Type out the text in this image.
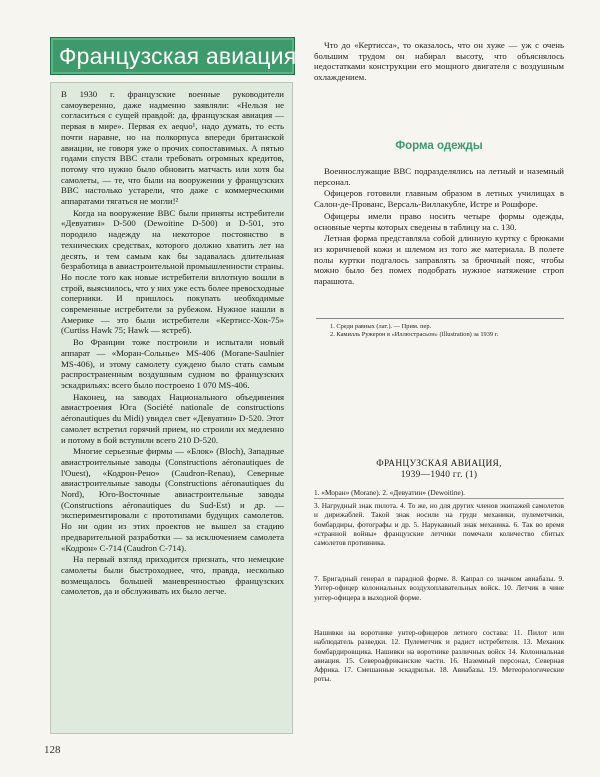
Французская авиация

В 1930 г. французские военные руководители самоуверенно, даже надменно заявляли: «Нельзя не согласиться с сущей правдой: да, французская авиация — первая в мире». Первая ex aequo¹, надо думать, то есть почти наравне, но на полкорпуса впереди британской авиации, не говоря уже о прочих сопоставимых. А пятью годами спустя ВВС стали требовать огромных кредитов, потому что нужно было обновить матчасть или хотя бы самолеты, — те, что были на вооружении у французских ВВС настолько устарели, что даже с коммерческими аппаратами тягаться не могли!²

Когда на вооружение ВВС были приняты истребители «Девуатин» D-500 (Dewoitine D-500) и D-501, это породило надежду на некоторое постоянство в технических средствах, которого должно хватить лет на десять, и тем самым как бы задавалась длительная безработица в авиастроительной промышленности страны. Но после того как новые истребители вплотную вошли в строй, выяснилось, что у них уже есть более превосходные соперники. И пришлось покупать необходимые современные истребители за рубежом. Нужное нашли в Америке — это были истребители «Кертисс-Хок-75» (Curtiss Hawk 75; Hawk — ястреб).

Во Франции тоже построили и испытали новый аппарат — «Моран-Сольнье» MS-406 (Morane-Saulnier MS-406), и этому самолету суждено было стать самым распространенным воздушным судном во французских эскадрильях: всего было построено 1 070 MS-406.

Наконец, на заводах Национального объединения авиастроения Юга (Société nationale de constructions aéronautiques du Midi) увидел свет «Девуатин» D-520. Этот самолет встретил горячий прием, но строили их медленно и потому в бой вступили всего 210 D-520.

Многие серьезные фирмы — «Блок» (Bloch), Западные авиастроительные заводы (Constructions aéronautiques de l'Ouest), «Кодрон-Рено» (Caudron-Renau), Северные авиастроительные заводы (Constructions aéronautiques du Nord), Юго-Восточные авиастроительные заводы (Constructions aéronautiques du Sud-Est) и др. — экспериментировали с прототипами будущих самолетов. Но ни один из этих проектов не вышел за стадию предварительной разработки — за исключением самолета «Кодрон» С-714 (Caudron C-714).

На первый взгляд приходится признать, что немецкие самолеты были быстроходнее, что, правда, несколько возмещалось большей маневренностью французских самолетов, да и обслуживать их было легче.

128

Что до «Кертисса», то оказалось, что он хуже — уж с очень большим трудом он набирал высоту, что объяснялось недостатками конструкции его мощного двигателя с воздушным охлаждением.

Форма одежды

Военнослужащие ВВС подразделялись на летный и наземный персонал.

Офицеров готовили главным образом в летных училищах в Салон-де-Прованс, Версаль-Виллакубле, Истре и Рошфоре.

Офицеры имели право носить четыре формы одежды, основные черты которых сведены в таблицу на с. 130.

Летная форма представляла собой длинную куртку с брюками из коричневой кожи и шлемом из того же материала. В полете полы куртки подгалось заправлять за брючный пояс, чтобы можно было без помех подобрать нужное натяжение строп парашюта.

1. Среди равных (лат.). — Прим. пер.
2. Камилль Ружерон в «Иллюстрасьон» (Illustration) за 1939 г.
ФРАНЦУЗСКАЯ АВИАЦИЯ,
1939—1940 гг. (1)
1. «Моран» (Morane). 2. «Девуатин» (Dewoitine).
3. Нагрудный знак пилота. 4. То же, но для других членов экипажей самолетов и дирижаблей. Такой знак носили на груди механики, пулеметчики, бомбардиры, фотографы и др. 5. Нарукавный знак механика. 6. Так во время «странной войны» французские летчики помечали количество сбитых самолетов противника.
7. Бригадный генерал в парадной форме. 8. Капрал со значком авиабазы. 9. Унтер-офицер колониальных воздухоплавательных войск. 10. Летчик в чине унтер-офицера в выходной форме.
Нашивки на воротнике унтер-офицеров летного состава: 11. Пилот или наблюдатель разведки. 12. Пулеметчик и радист истребителя. 13. Механик бомбардировщика. Нашивки на воротнике различных войск 14. Колониальная авиация. 15. Североафриканские части. 16. Наземный персонал, Северная Африка. 17. Смешанные эскадрильи. 18. Авиабазы. 19. Метеорологические роты.
